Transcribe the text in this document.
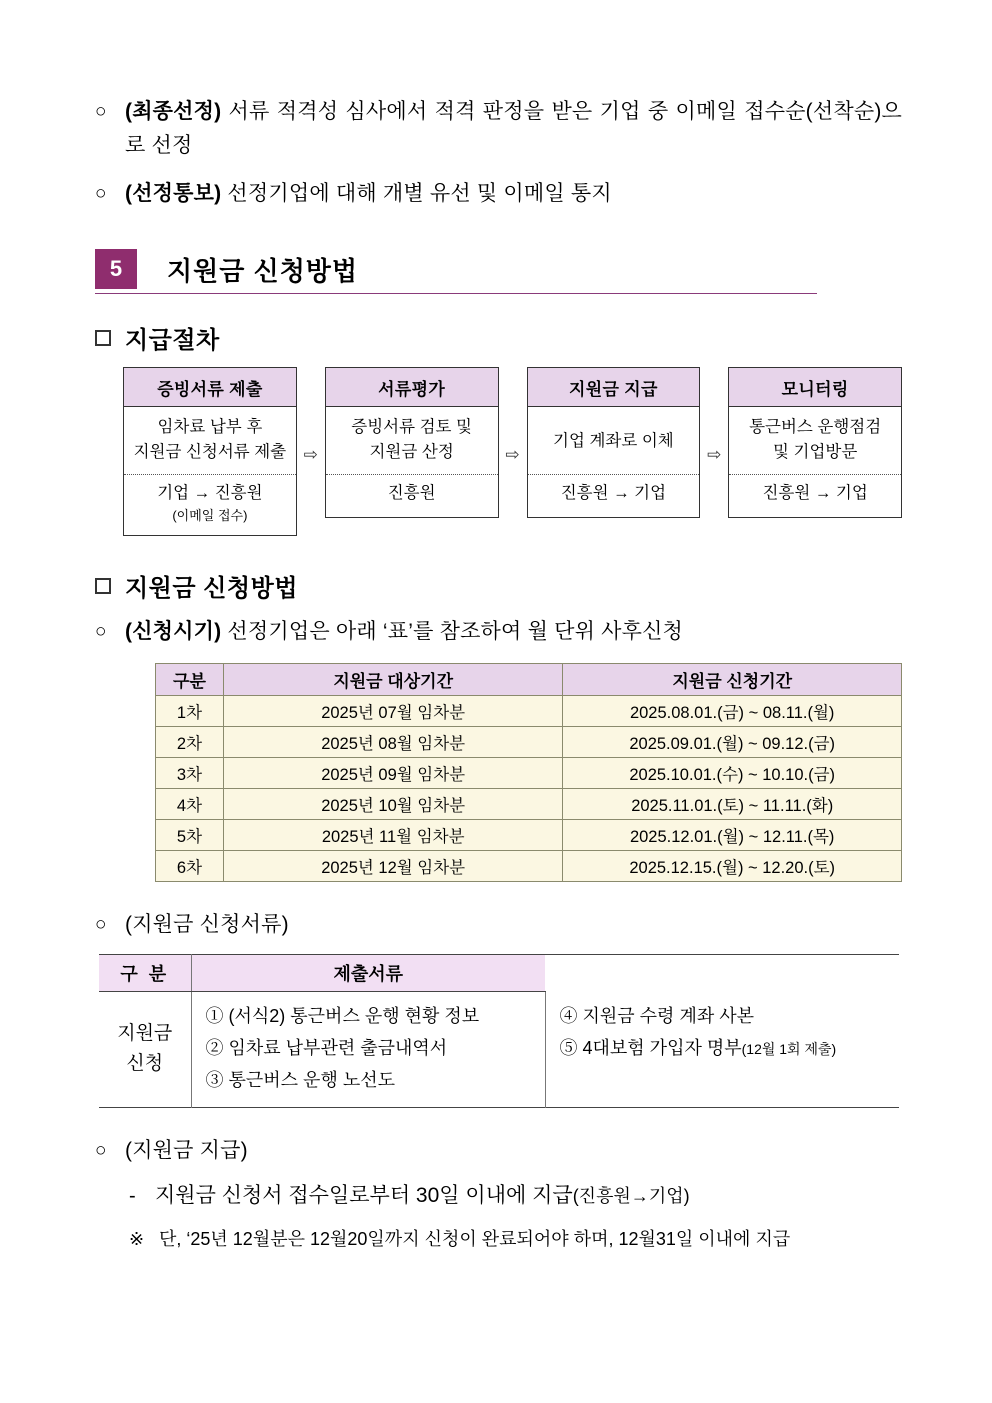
○ (최종선정) 서류 적격성 심사에서 적격 판정을 받은 기업 중 이메일 접수순(선착순)으로 선정
○ (선정통보) 선정기업에 대해 개별 유선 및 이메일 통지
5	지원금 신청방법
지급절차
증빙서류 제출
임차료 납부 후
지원금 신청서류 제출
기업 → 진흥원
(이메일 접수)
⇨
서류평가
증빙서류 검토 및
지원금 산정
진흥원
⇨
지원금 지급
기업 계좌로 이체
진흥원 → 기업
⇨
모니터링
통근버스 운행점검
및 기업방문
진흥원 → 기업
지원금 신청방법
○ (신청시기) 선정기업은 아래 ‘표’를 참조하여 월 단위 사후신청
구분	지원금 대상기간	지원금 신청기간
1차	2025년 07월 임차분	2025.08.01.(금) ~ 08.11.(월)
2차	2025년 08월 임차분	2025.09.01.(월) ~ 09.12.(금)
3차	2025년 09월 임차분	2025.10.01.(수) ~ 10.10.(금)
4차	2025년 10월 임차분	2025.11.01.(토) ~ 11.11.(화)
5차	2025년 11월 임차분	2025.12.01.(월) ~ 12.11.(목)
6차	2025년 12월 임차분	2025.12.15.(월) ~ 12.20.(토)
○ (지원금 신청서류)
구 분	제출서류	
지원금
신청	
① (서식2) 통근버스 운행 현황 정보
② 임차료 납부관련 출금내역서
③ 통근버스 운행 노선도

④ 지원금 수령 계좌 사본
⑤ 4대보험 가입자 명부(12월 1회 제출)

○ (지원금 지급)
- 지원금 신청서 접수일로부터 30일 이내에 지급(진흥원→기업)
※ 단, ‘25년 12월분은 12월20일까지 신청이 완료되어야 하며, 12월31일 이내에 지급
